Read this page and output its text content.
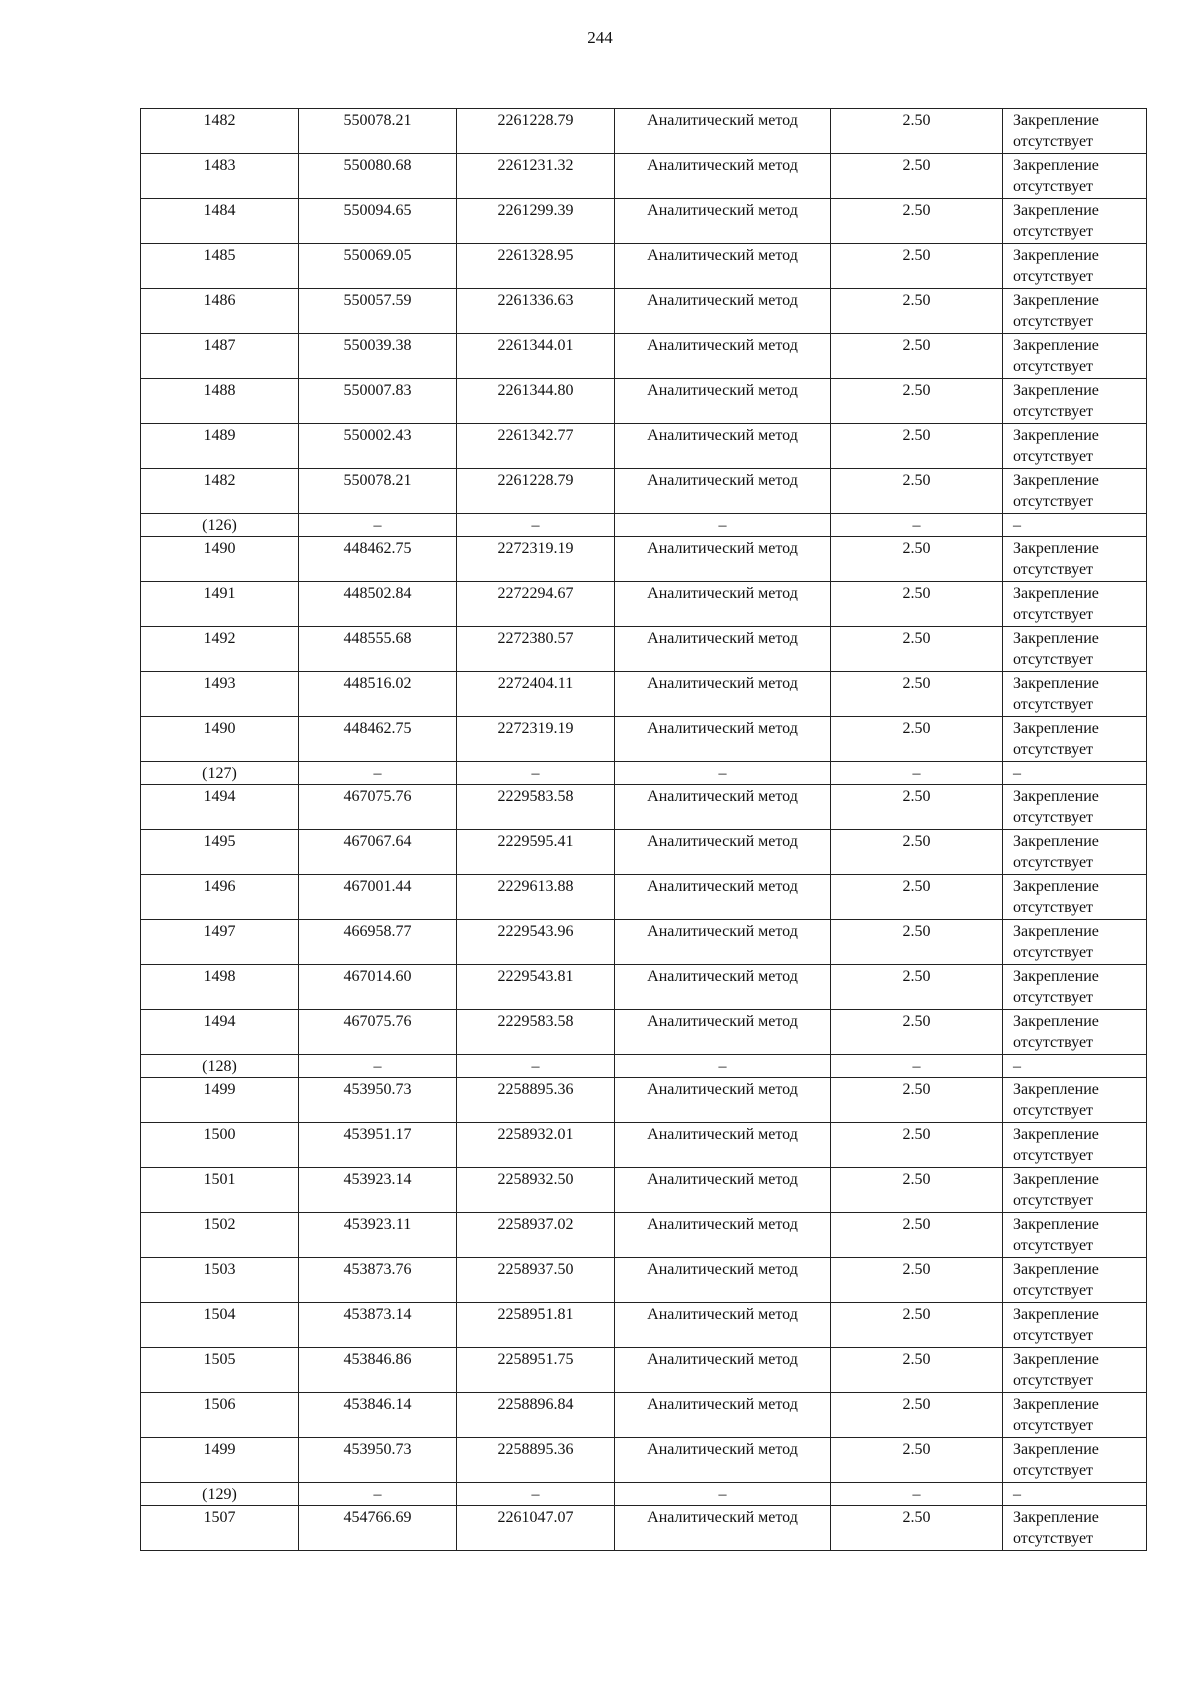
244
1482	550078.21	2261228.79	Аналитический метод	2.50	Закрепление отсутствует
1483	550080.68	2261231.32	Аналитический метод	2.50	Закрепление отсутствует
1484	550094.65	2261299.39	Аналитический метод	2.50	Закрепление отсутствует
1485	550069.05	2261328.95	Аналитический метод	2.50	Закрепление отсутствует
1486	550057.59	2261336.63	Аналитический метод	2.50	Закрепление отсутствует
1487	550039.38	2261344.01	Аналитический метод	2.50	Закрепление отсутствует
1488	550007.83	2261344.80	Аналитический метод	2.50	Закрепление отсутствует
1489	550002.43	2261342.77	Аналитический метод	2.50	Закрепление отсутствует
1482	550078.21	2261228.79	Аналитический метод	2.50	Закрепление отсутствует
(126)	–	–	–	–	–
1490	448462.75	2272319.19	Аналитический метод	2.50	Закрепление отсутствует
1491	448502.84	2272294.67	Аналитический метод	2.50	Закрепление отсутствует
1492	448555.68	2272380.57	Аналитический метод	2.50	Закрепление отсутствует
1493	448516.02	2272404.11	Аналитический метод	2.50	Закрепление отсутствует
1490	448462.75	2272319.19	Аналитический метод	2.50	Закрепление отсутствует
(127)	–	–	–	–	–
1494	467075.76	2229583.58	Аналитический метод	2.50	Закрепление отсутствует
1495	467067.64	2229595.41	Аналитический метод	2.50	Закрепление отсутствует
1496	467001.44	2229613.88	Аналитический метод	2.50	Закрепление отсутствует
1497	466958.77	2229543.96	Аналитический метод	2.50	Закрепление отсутствует
1498	467014.60	2229543.81	Аналитический метод	2.50	Закрепление отсутствует
1494	467075.76	2229583.58	Аналитический метод	2.50	Закрепление отсутствует
(128)	–	–	–	–	–
1499	453950.73	2258895.36	Аналитический метод	2.50	Закрепление отсутствует
1500	453951.17	2258932.01	Аналитический метод	2.50	Закрепление отсутствует
1501	453923.14	2258932.50	Аналитический метод	2.50	Закрепление отсутствует
1502	453923.11	2258937.02	Аналитический метод	2.50	Закрепление отсутствует
1503	453873.76	2258937.50	Аналитический метод	2.50	Закрепление отсутствует
1504	453873.14	2258951.81	Аналитический метод	2.50	Закрепление отсутствует
1505	453846.86	2258951.75	Аналитический метод	2.50	Закрепление отсутствует
1506	453846.14	2258896.84	Аналитический метод	2.50	Закрепление отсутствует
1499	453950.73	2258895.36	Аналитический метод	2.50	Закрепление отсутствует
(129)	–	–	–	–	–
1507	454766.69	2261047.07	Аналитический метод	2.50	Закрепление отсутствует
